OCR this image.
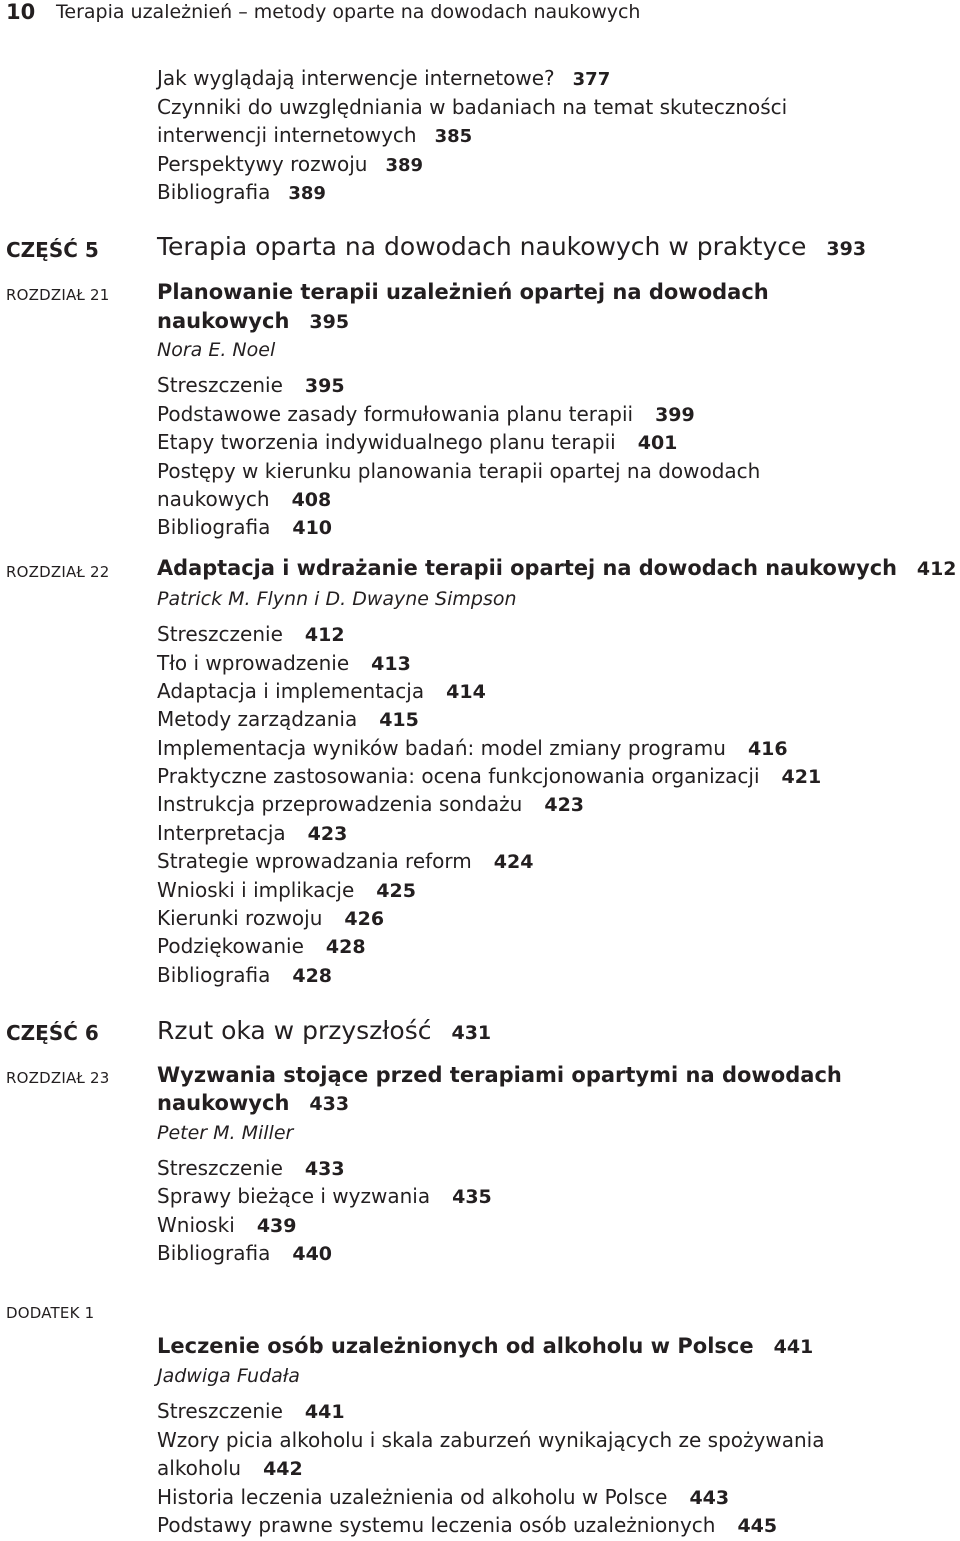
10 Terapia uzależnień – metody oparte na dowodach naukowych
Jak wyglądają interwencje internetowe? 377
Czynniki do uwzględniania w badaniach na temat skuteczności
interwencji internetowych 385
Perspektywy rozwoju 389
Bibliografia 389
CZĘŚĆ 5 Terapia oparta na dowodach naukowych w praktyce 393
ROZDZIAŁ 21 Planowanie terapii uzależnień opartej na dowodach
naukowych 395
Nora E. Noel
Streszczenie 395
Podstawowe zasady formułowania planu terapii 399
Etapy tworzenia indywidualnego planu terapii 401
Postępy w kierunku planowania terapii opartej na dowodach
naukowych 408
Bibliografia 410
ROZDZIAŁ 22 Adaptacja i wdrażanie terapii opartej na dowodach naukowych 412
Patrick M. Flynn i D. Dwayne Simpson
Streszczenie 412
Tło i wprowadzenie 413
Adaptacja i implementacja 414
Metody zarządzania 415
Implementacja wyników badań: model zmiany programu 416
Praktyczne zastosowania: ocena funkcjonowania organizacji 421
Instrukcja przeprowadzenia sondażu 423
Interpretacja 423
Strategie wprowadzania reform 424
Wnioski i implikacje 425
Kierunki rozwoju 426
Podziękowanie 428
Bibliografia 428
CZĘŚĆ 6 Rzut oka w przyszłość 431
ROZDZIAŁ 23 Wyzwania stojące przed terapiami opartymi na dowodach
naukowych 433
Peter M. Miller
Streszczenie 433
Sprawy bieżące i wyzwania 435
Wnioski 439
Bibliografia 440
DODATEK 1
Leczenie osób uzależnionych od alkoholu w Polsce 441
Jadwiga Fudała
Streszczenie 441
Wzory picia alkoholu i skala zaburzeń wynikających ze spożywania
alkoholu 442
Historia leczenia uzależnienia od alkoholu w Polsce 443
Podstawy prawne systemu leczenia osób uzależnionych 445
